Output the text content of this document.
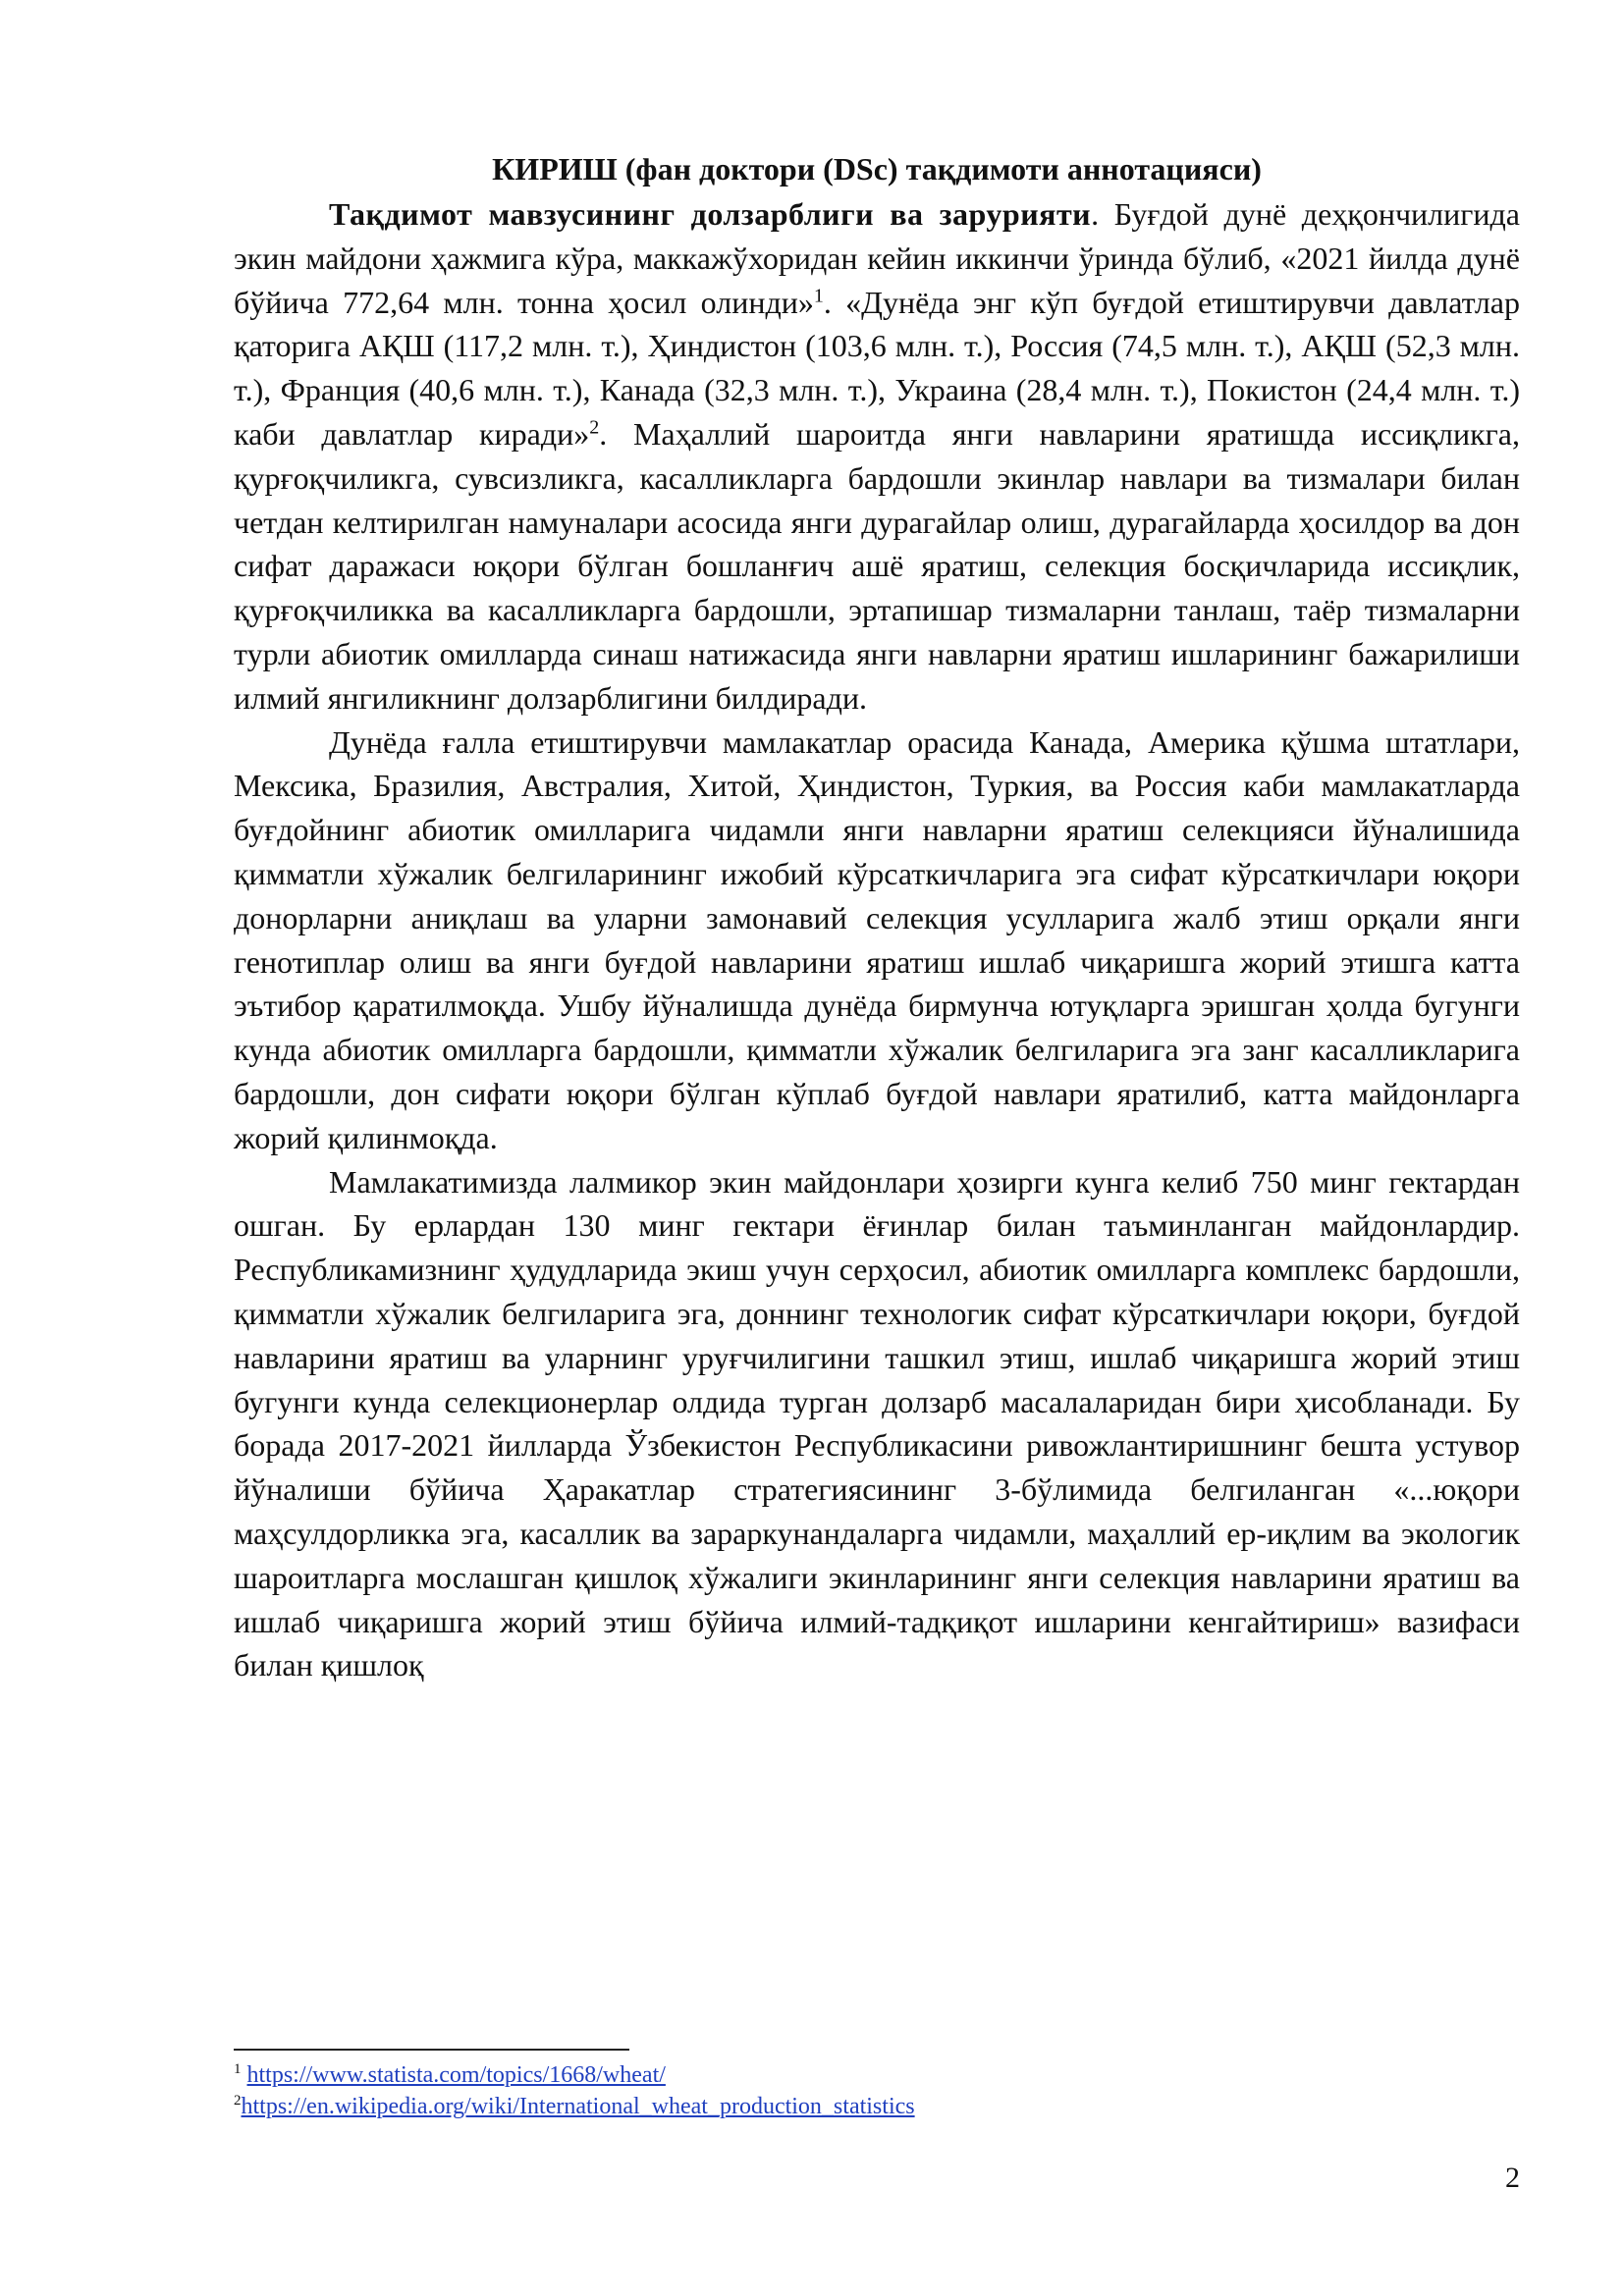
КИРИШ (фан доктори (DSc) тақдимоти аннотацияси)

Тақдимот мавзусининг долзарблиги ва зарурияти. Буғдой дунё деҳқончилигида экин майдони ҳажмига кўра, маккажўхоридан кейин иккинчи ўринда бўлиб, «2021 йилда дунё бўйича 772,64 млн. тонна ҳосил олинди»$^1$. «Дунёда энг кўп буғдой етиштирувчи давлатлар қаторига АҚШ (117,2 млн. т.), Ҳиндистон (103,6 млн. т.), Россия (74,5 млн. т.), АҚШ (52,3 млн. т.), Франция (40,6 млн. т.), Канада (32,3 млн. т.), Украина (28,4 млн. т.), Покистон (24,4 млн. т.) каби давлатлар киради»$^2$. Маҳаллий шароитда янги навларини яратишда иссиқликга, қурғоқчиликга, сувсизликга, касалликларга бардошли экинлар навлари ва тизмалари билан четдан келтирилган намуналари асосида янги дурагайлар олиш, дурагайларда ҳосилдор ва дон сифат даражаси юқори бўлган бошланғич ашё яратиш, селекция босқичларида иссиқлик, қурғоқчиликка ва касалликларга бардошли, эртапишар тизмаларни танлаш, таёр тизмаларни турли абиотик омилларда синаш натижасида янги навларни яратиш ишларининг бажарилиши илмий янгиликнинг долзарблигини билдиради.

Дунёда ғалла етиштирувчи мамлакатлар орасида Канада, Америка қўшма штатлари, Мексика, Бразилия, Австралия, Хитой, Ҳиндистон, Туркия, ва Россия каби мамлакатларда буғдойнинг абиотик омилларига чидамли янги навларни яратиш селекцияси йўналишида қимматли хўжалик белгиларининг ижобий кўрсаткичларига эга сифат кўрсаткичлари юқори донорларни аниқлаш ва уларни замонавий селекция усулларига жалб этиш орқали янги генотиплар олиш ва янги буғдой навларини яратиш ишлаб чиқаришга жорий этишга катта эътибор қаратилмоқда. Ушбу йўналишда дунёда бирмунча ютуқларга эришган ҳолда бугунги кунда абиотик омилларга бардошли, қимматли хўжалик белгиларига эга занг касалликларига бардошли, дон сифати юқори бўлган кўплаб буғдой навлари яратилиб, катта майдонларга жорий қилинмоқда.

Мамлакатимизда лалмикор экин майдонлари ҳозирги кунга келиб 750 минг гектардан ошган. Бу ерлардан 130 минг гектари ёғинлар билан таъминланган майдонлардир. Республикамизнинг ҳудудларида экиш учун серҳосил, абиотик омилларга комплекс бардошли, қимматли хўжалик белгиларига эга, доннинг технологик сифат кўрсаткичлари юқори, буғдой навларини яратиш ва уларнинг уруғчилигини ташкил этиш, ишлаб чиқаришга жорий этиш бугунги кунда селекционерлар олдида турган долзарб масалаларидан бири ҳисобланади. Бу борада 2017-2021 йилларда Ўзбекистон Республикасини ривожлантиришнинг бешта устувор йўналиши бўйича Ҳаракатлар стратегиясининг 3-бўлимида белгиланган «...юқори маҳсулдорликка эга, касаллик ва зараркунандаларга чидамли, маҳаллий ер-иқлим ва экологик шароитларга мослашган қишлоқ хўжалиги экинларининг янги селекция навларини яратиш ва ишлаб чиқаришга жорий этиш бўйича илмий-тадқиқот ишларини кенгайтириш» вазифаси билан қишлоқ

$^1$ https://www.statista.com/topics/1668/wheat/
$^2$https://en.wikipedia.org/wiki/International_wheat_production_statistics
2
